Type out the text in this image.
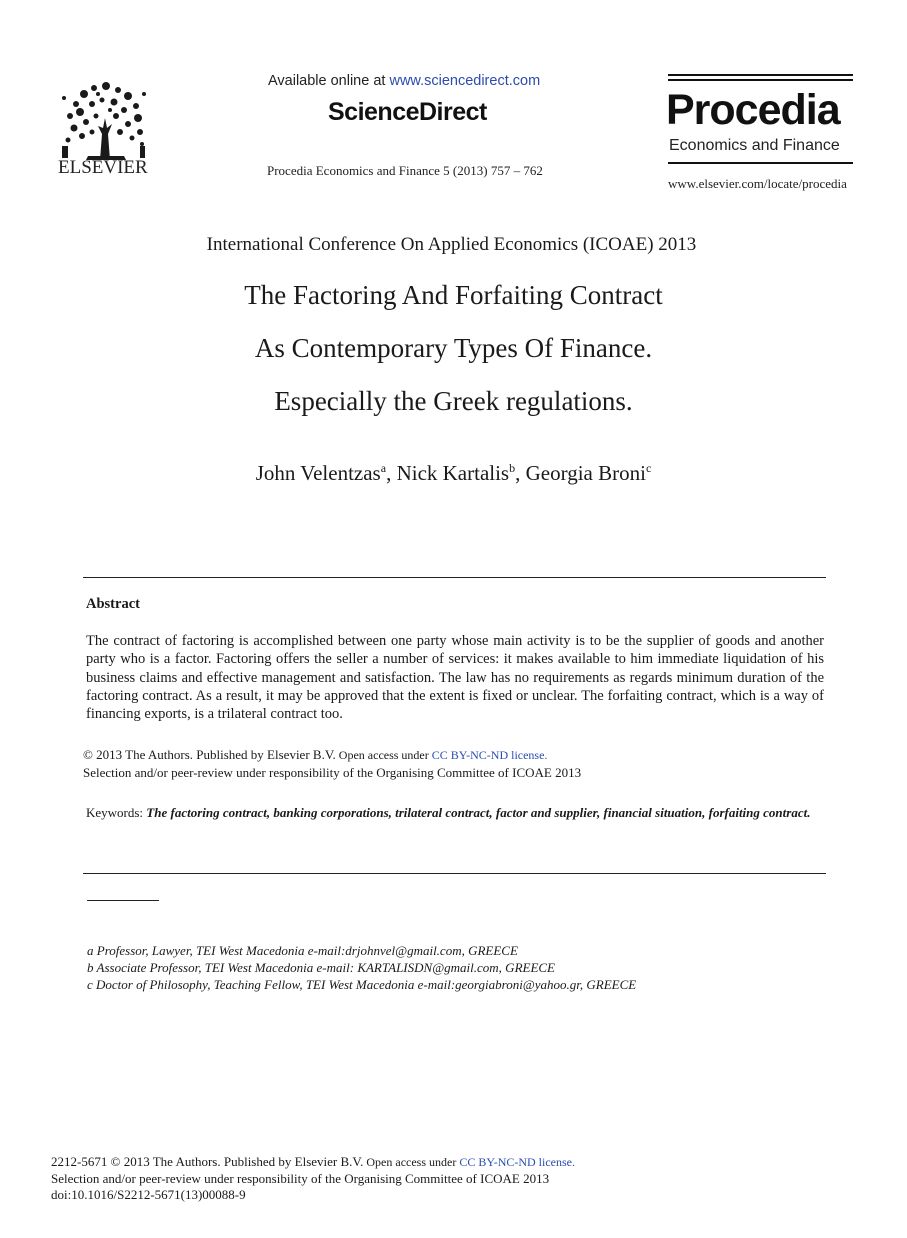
ELSEVIER
Available online at www.sciencedirect.com
ScienceDirect
Procedia Economics and Finance 5 (2013) 757 – 762
Procedia
Economics and Finance
www.elsevier.com/locate/procedia
International Conference On Applied Economics (ICOAE) 2013
The Factoring And Forfaiting Contract
As Contemporary Types Of Finance.
Especially the Greek regulations.
John Velentzas$^a$, Nick Kartalis$^b$, Georgia Broni$^c$
Abstract
The contract of factoring is accomplished between one party whose main activity is to be the supplier of goods and another party who is a factor. Factoring offers the seller a number of services: it makes available to him immediate liquidation of his business claims and effective management and satisfaction. The law has no requirements as regards minimum duration of the factoring contract. As a result, it may be approved that the extent is fixed or unclear. The forfaiting contract, which is a way of financing exports, is a trilateral contract too.
© 2013 The Authors. Published by Elsevier B.V. Open access under CC BY-NC-ND license.
Selection and/or peer-review under responsibility of the Organising Committee of ICOAE 2013
Keywords: The factoring contract, banking corporations, trilateral contract, factor and supplier, financial situation, forfaiting contract.
a Professor, Lawyer, TEI West Macedonia e-mail:drjohnvel@gmail.com, GREECE
b Associate Professor, TEI West Macedonia e-mail: KARTALISDN@gmail.com, GREECE
c Doctor of Philosophy, Teaching Fellow, TEI West Macedonia e-mail:georgiabroni@yahoo.gr, GREECE
2212-5671 © 2013 The Authors. Published by Elsevier B.V. Open access under CC BY-NC-ND license.
Selection and/or peer-review under responsibility of the Organising Committee of ICOAE 2013
doi:10.1016/S2212-5671(13)00088-9
